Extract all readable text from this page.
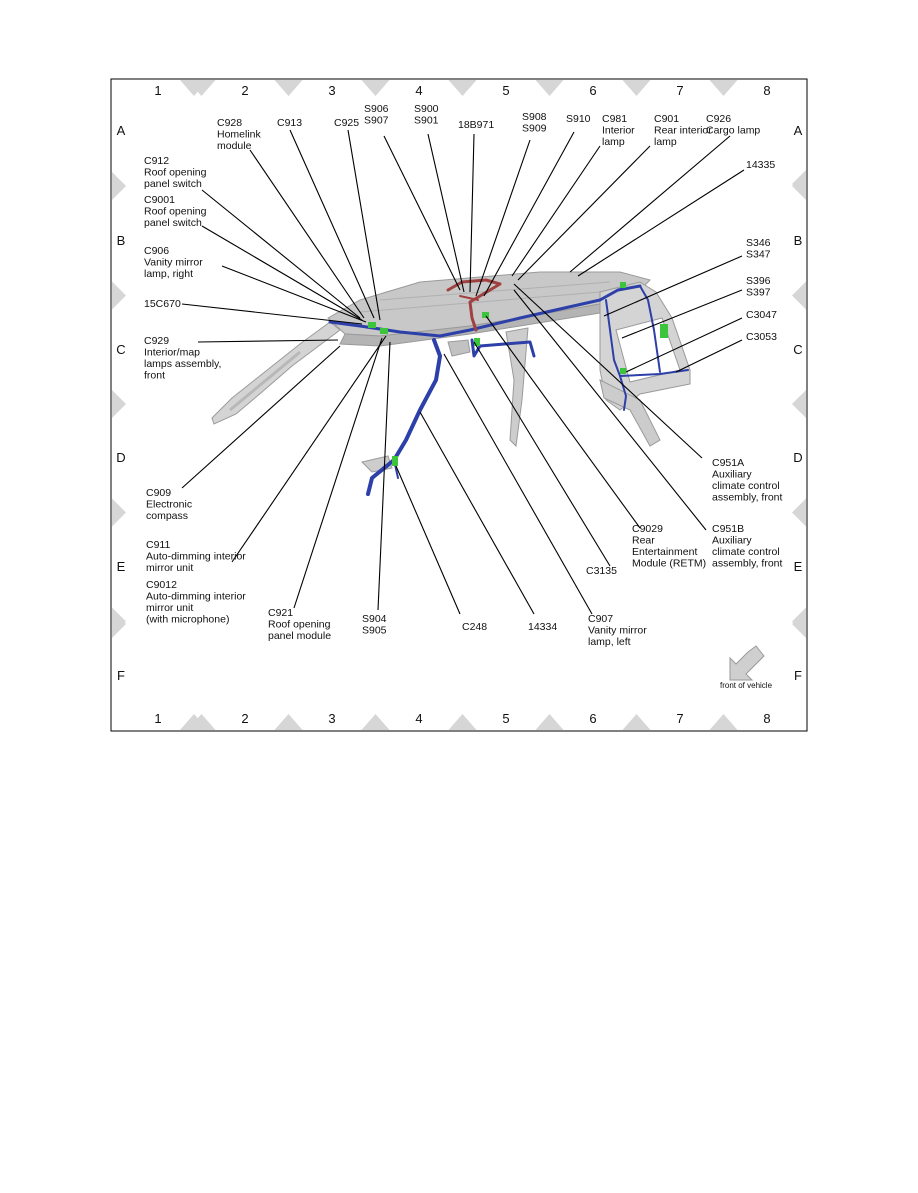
1	2	3	4	5	6	7	8
1	2	3	4	5	6	7	8
A
B
C
D
E
F
A
B
C
D
E
F
C928 Homelink module
C913	C925
S906 S907
S900 S901 18B971
S908 S909
S910 C981 Interior lamp
C901 Rear interior lamp
C926 Cargo lamp
14335
C912 Roof opening panel switch
C9001 Roof opening panel switch
C906 Vanity mirror lamp, right
15C670
C929 Interior/map lamps assembly, front
S346 S347
S396 S397
C3047
C3053
C951A Auxiliary climate control assembly, front
C909 Electronic compass
C911 Auto-dimming interior mirror unit
C9012 Auto-dimming interior mirror unit (with microphone)
C921 Roof opening panel module
S904 S905	C248	14334
C907 Vanity mirror lamp, left
C3135
C9029 Rear Entertainment Module (RETM)
C951B Auxiliary climate control assembly, front
front of vehicle
